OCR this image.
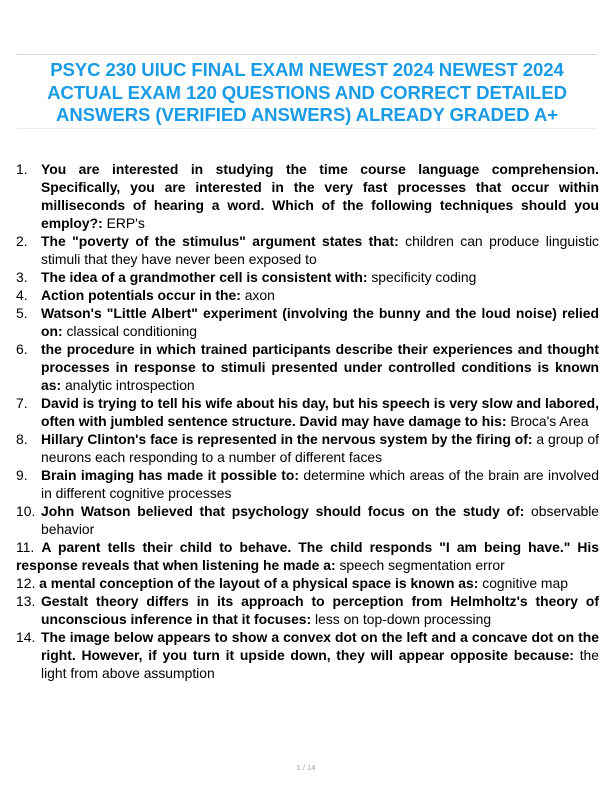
PSYC 230 UIUC FINAL EXAM NEWEST 2024 NEWEST 2024 ACTUAL EXAM 120 QUESTIONS AND CORRECT DETAILED ANSWERS (VERIFIED ANSWERS) ALREADY GRADED A+
1. You are interested in studying the time course language comprehension. Specifically, you are interested in the very fast processes that occur within milliseconds of hearing a word. Which of the following techniques should you employ?: ERP's
2. The "poverty of the stimulus" argument states that: children can produce linguistic stimuli that they have never been exposed to
3. The idea of a grandmother cell is consistent with: specificity coding
4. Action potentials occur in the: axon
5. Watson's "Little Albert" experiment (involving the bunny and the loud noise) relied on: classical conditioning
6. the procedure in which trained participants describe their experiences and thought processes in response to stimuli presented under controlled conditions is known as: analytic introspection
7. David is trying to tell his wife about his day, but his speech is very slow and labored, often with jumbled sentence structure. David may have damage to his: Broca's Area
8. Hillary Clinton's face is represented in the nervous system by the firing of: a group of neurons each responding to a number of different faces
9. Brain imaging has made it possible to: determine which areas of the brain are involved in different cognitive processes
10. John Watson believed that psychology should focus on the study of: observable behavior
11. A parent tells their child to behave. The child responds "I am being have." His response reveals that when listening he made a: speech segmentation error
12. a mental conception of the layout of a physical space is known as: cognitive map
13. Gestalt theory differs in its approach to perception from Helmholtz's theory of unconscious inference in that it focuses: less on top-down processing
14. The image below appears to show a convex dot on the left and a concave dot on the right. However, if you turn it upside down, they will appear opposite because: the light from above assumption
1 / 14
